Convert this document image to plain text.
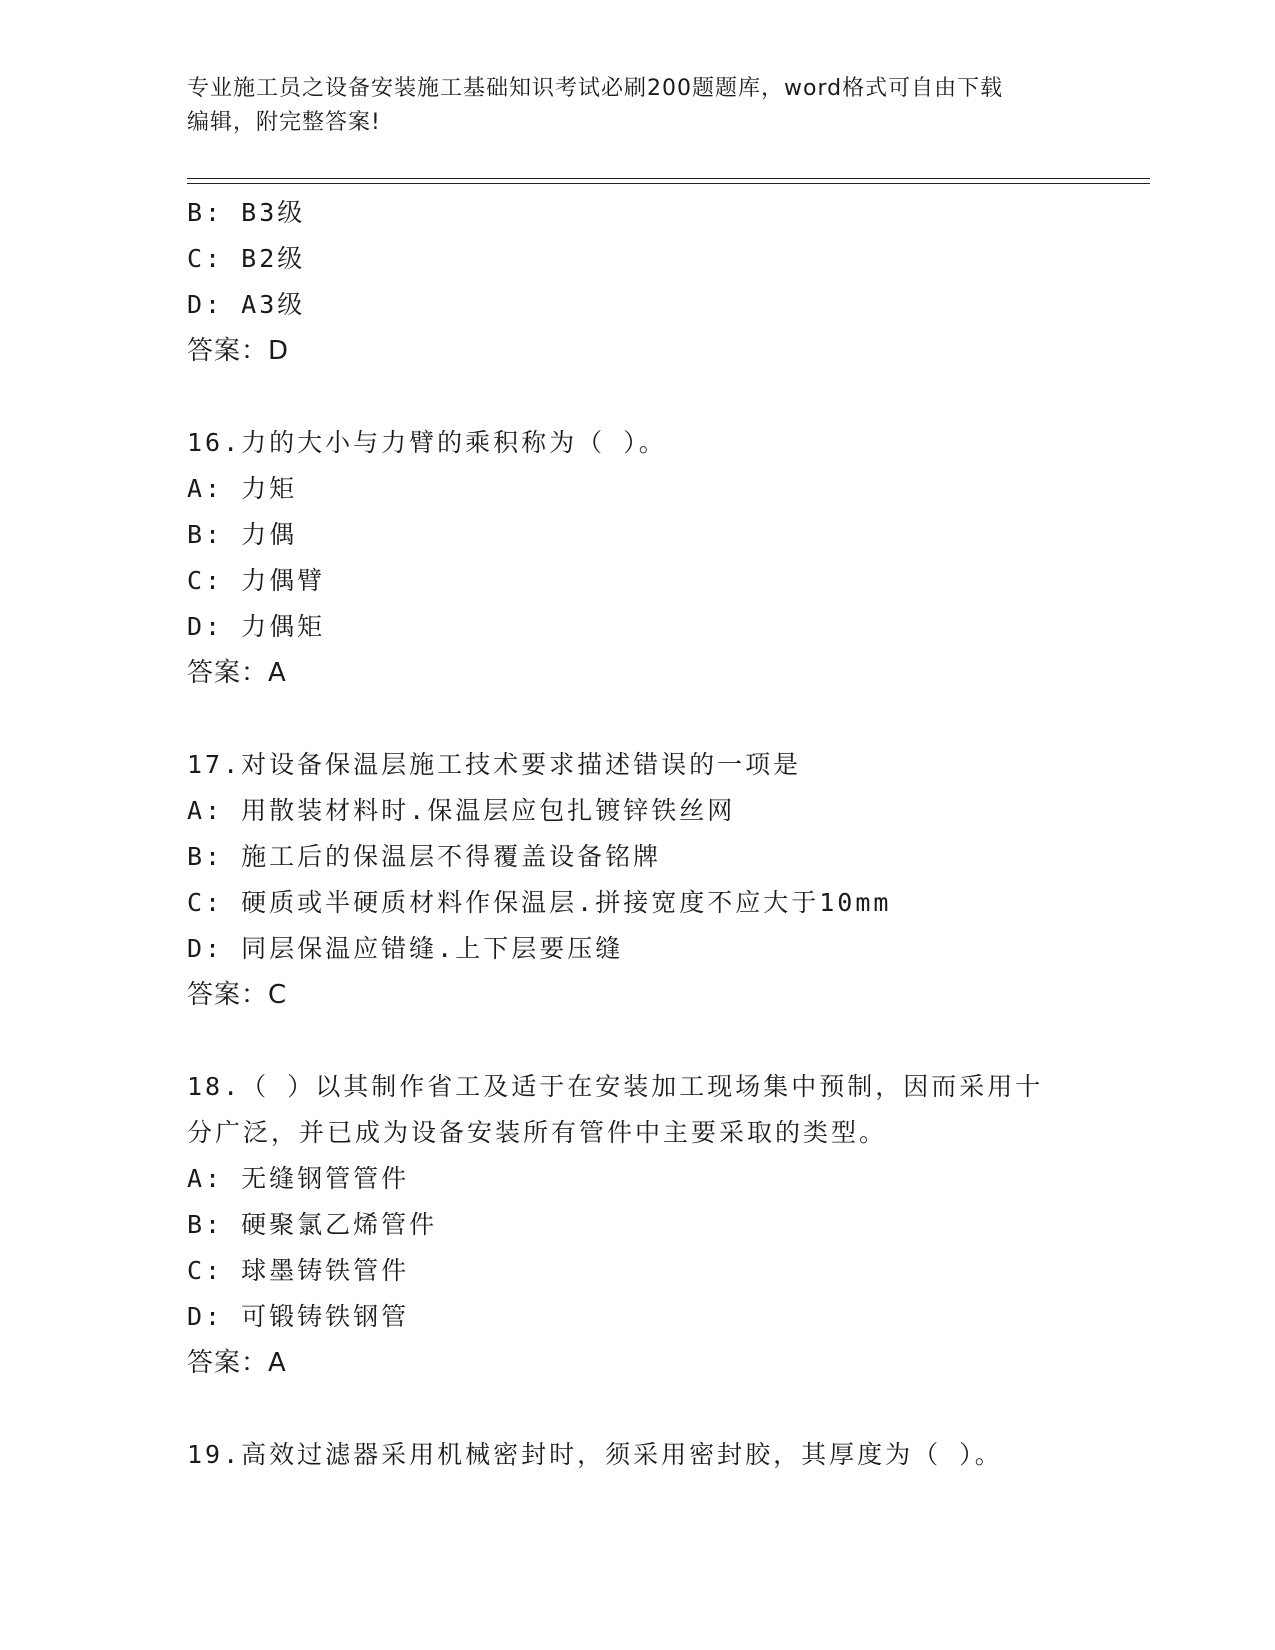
专业施工员之设备安装施工基础知识考试必刷200题题库，word格式可自由下载
编辑，附完整答案!
B: B3级
C: B2级
D: A3级
答案：D
16.力的大小与力臂的乘积称为（ ）。
A: 力矩
B: 力偶
C: 力偶臂
D: 力偶矩
答案：A
17.对设备保温层施工技术要求描述错误的一项是
A: 用散装材料时.保温层应包扎镀锌铁丝网
B: 施工后的保温层不得覆盖设备铭牌
C: 硬质或半硬质材料作保温层.拼接宽度不应大于10mm
D: 同层保温应错缝.上下层要压缝
答案：C
18.（ ）以其制作省工及适于在安装加工现场集中预制，因而采用十
分广泛，并已成为设备安装所有管件中主要采取的类型。
A: 无缝钢管管件
B: 硬聚氯乙烯管件
C: 球墨铸铁管件
D: 可锻铸铁钢管
答案：A
19.高效过滤器采用机械密封时，须采用密封胶，其厚度为（ ）。
